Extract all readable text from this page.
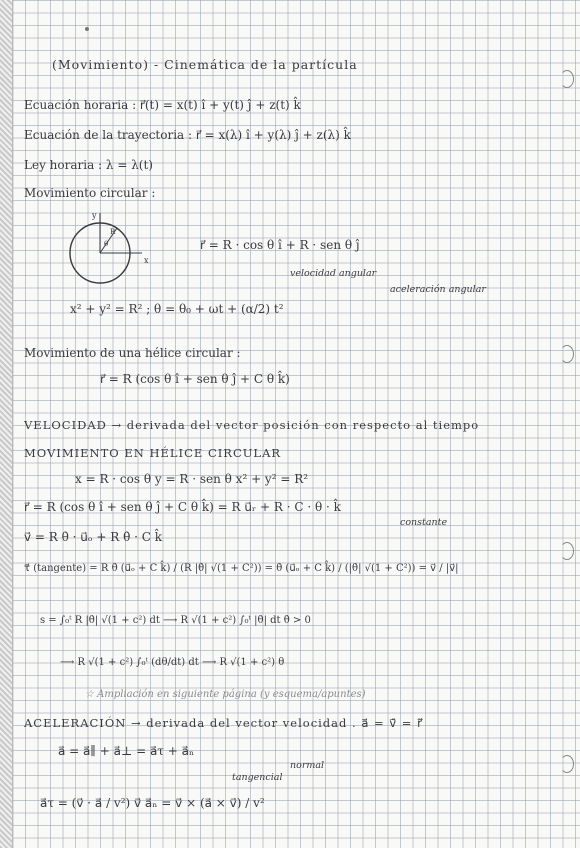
(Movimiento) - Cinemática de la partícula
Ecuación horaria : r⃗(t) = x(t) î + y(t) ĵ + z(t) k̂
Ecuación de la trayectoria : r⃗ = x(λ) î + y(λ) ĵ + z(λ) k̂
Ley horaria : λ = λ(t)
Movimiento circular :
y
x
R
θ	r⃗ = R · cos θ î + R · sen θ ĵ
velocidad angular
aceleración angular
x² + y² = R² ; θ = θ₀ + ωt + (α/2) t²
Movimiento de una hélice circular :
r⃗ = R (cos θ î + sen θ ĵ + C θ k̂)
VELOCIDAD → derivada del vector posición con respecto al tiempo
MOVIMIENTO EN HÉLICE CIRCULAR
x = R · cos θ y = R · sen θ x² + y² = R²
r⃗ = R (cos θ î + sen θ ĵ + C θ k̂) = R u⃗ᵣ + R · C · θ · k̂
constante
v⃗ = R θ̇ · u⃗ₒ + R θ̇ · C k̂
τ⃗ (tangente) = R θ̇ (u⃗ₒ + C k̂) / (R |θ̇| √(1 + C²)) = θ̇ (u⃗ₒ + C k̂) / (|θ̇| √(1 + C²)) = v⃗ / |v⃗|
s = ∫₀ᵗ R |θ̇| √(1 + c²) dt ⟶ R √(1 + c²) ∫₀ᵗ |θ̇| dt θ̇ > 0
⟶ R √(1 + c²) ∫₀ᵗ (dθ/dt) dt ⟶ R √(1 + c²) θ
☆ Ampliación en siguiente página (y esquema/apuntes)
ACELERACIÓN → derivada del vector velocidad . a⃗ = v̇⃗ = r̈⃗
a⃗ = a⃗∥ + a⃗⊥ = a⃗τ + a⃗ₙ
normal
tangencial
a⃗τ = (v⃗ · a⃗ / v²) v⃗ a⃗ₙ = v⃗ × (a⃗ × v⃗) / v²
